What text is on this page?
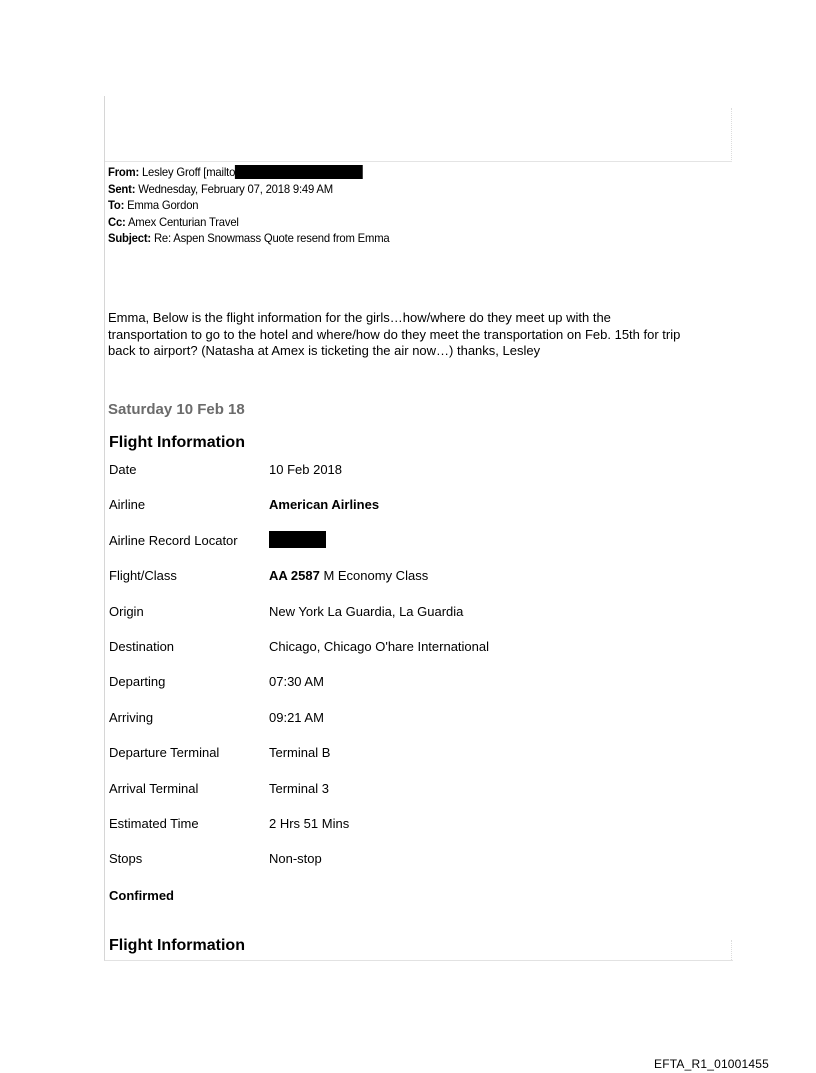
From: Lesley Groff [mailto
Sent: Wednesday, February 07, 2018 9:49 AM
To: Emma Gordon
Cc: Amex Centurian Travel
Subject: Re: Aspen Snowmass Quote resend from Emma
Emma, Below is the flight information for the girls…how/where do they meet up with the
transportation to go to the hotel and where/how do they meet the transportation on Feb. 15th for trip
back to airport? (Natasha at Amex is ticketing the air now…) thanks, Lesley
Saturday 10 Feb 18
Flight Information
Date	10 Feb 2018
Airline	American Airlines
Airline Record Locator
Flight/Class	AA 2587 M Economy Class
Origin	New York La Guardia, La Guardia
Destination	Chicago, Chicago O'hare International
Departing	07:30 AM
Arriving	09:21 AM
Departure Terminal	Terminal B
Arrival Terminal	Terminal 3
Estimated Time	2 Hrs 51 Mins
Stops	Non-stop
Confirmed
Flight Information
EFTA_R1_01001455
